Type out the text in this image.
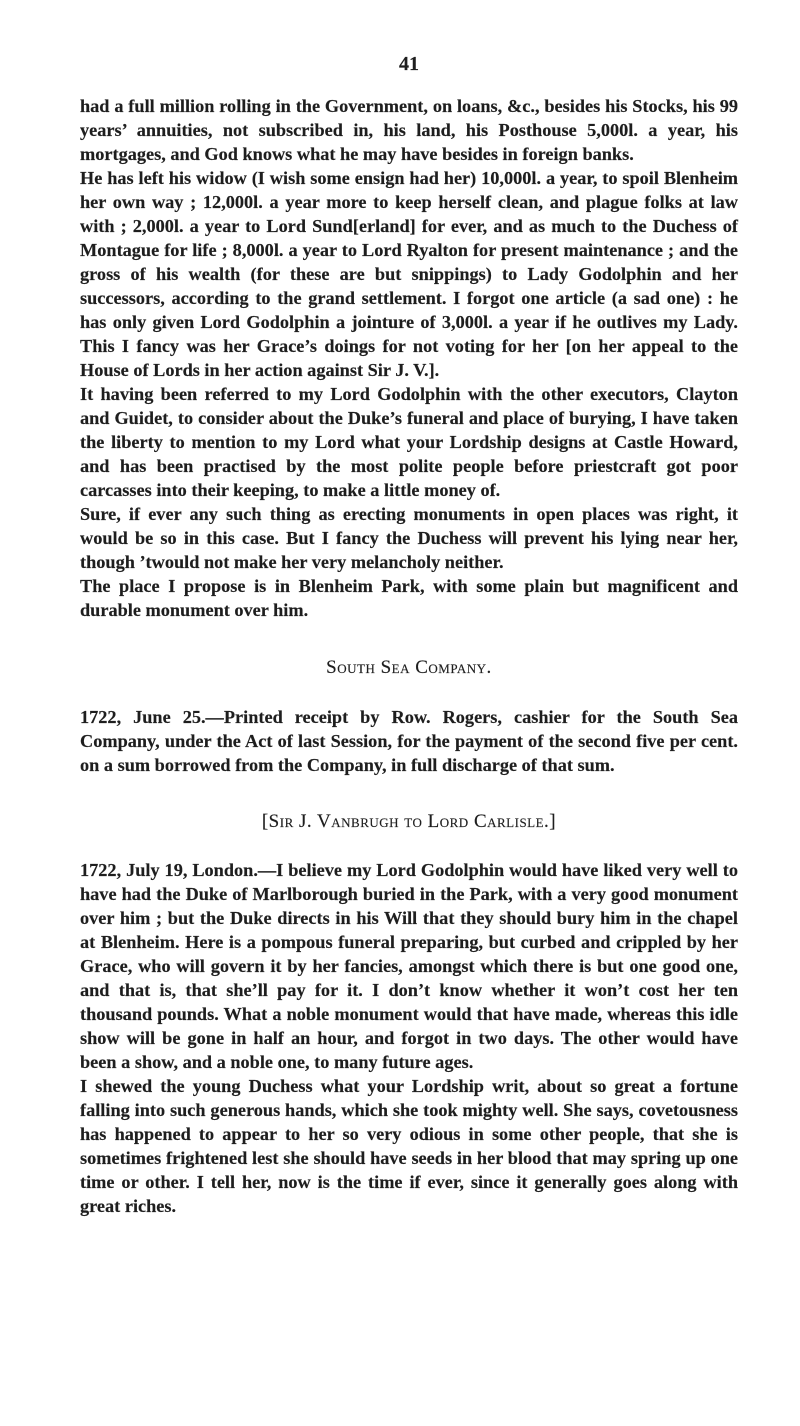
41

had a full million rolling in the Government, on loans, &c., besides his Stocks, his 99 years’ annuities, not subscribed in, his land, his Posthouse 5,000l. a year, his mortgages, and God knows what he may have besides in foreign banks.

He has left his widow (I wish some ensign had her) 10,000l. a year, to spoil Blenheim her own way ; 12,000l. a year more to keep herself clean, and plague folks at law with ; 2,000l. a year to Lord Sund[erland] for ever, and as much to the Duchess of Montague for life ; 8,000l. a year to Lord Ryalton for present maintenance ; and the gross of his wealth (for these are but snippings) to Lady Godolphin and her successors, according to the grand settlement. I forgot one article (a sad one) : he has only given Lord Godolphin a jointure of 3,000l. a year if he outlives my Lady. This I fancy was her Grace’s doings for not voting for her [on her appeal to the House of Lords in her action against Sir J. V.].

It having been referred to my Lord Godolphin with the other executors, Clayton and Guidet, to consider about the Duke’s funeral and place of burying, I have taken the liberty to mention to my Lord what your Lordship designs at Castle Howard, and has been practised by the most polite people before priestcraft got poor carcasses into their keeping, to make a little money of.

Sure, if ever any such thing as erecting monuments in open places was right, it would be so in this case. But I fancy the Duchess will prevent his lying near her, though ’twould not make her very melancholy neither.

The place I propose is in Blenheim Park, with some plain but magnificent and durable monument over him.

South Sea Company.

1722, June 25.—Printed receipt by Row. Rogers, cashier for the South Sea Company, under the Act of last Session, for the payment of the second five per cent. on a sum borrowed from the Company, in full discharge of that sum.

[Sir J. Vanbrugh to Lord Carlisle.]

1722, July 19, London.—I believe my Lord Godolphin would have liked very well to have had the Duke of Marlborough buried in the Park, with a very good monument over him ; but the Duke directs in his Will that they should bury him in the chapel at Blenheim. Here is a pompous funeral preparing, but curbed and crippled by her Grace, who will govern it by her fancies, amongst which there is but one good one, and that is, that she’ll pay for it. I don’t know whether it won’t cost her ten thousand pounds. What a noble monument would that have made, whereas this idle show will be gone in half an hour, and forgot in two days. The other would have been a show, and a noble one, to many future ages.

I shewed the young Duchess what your Lordship writ, about so great a fortune falling into such generous hands, which she took mighty well. She says, covetousness has happened to appear to her so very odious in some other people, that she is sometimes frightened lest she should have seeds in her blood that may spring up one time or other. I tell her, now is the time if ever, since it generally goes along with great riches.
